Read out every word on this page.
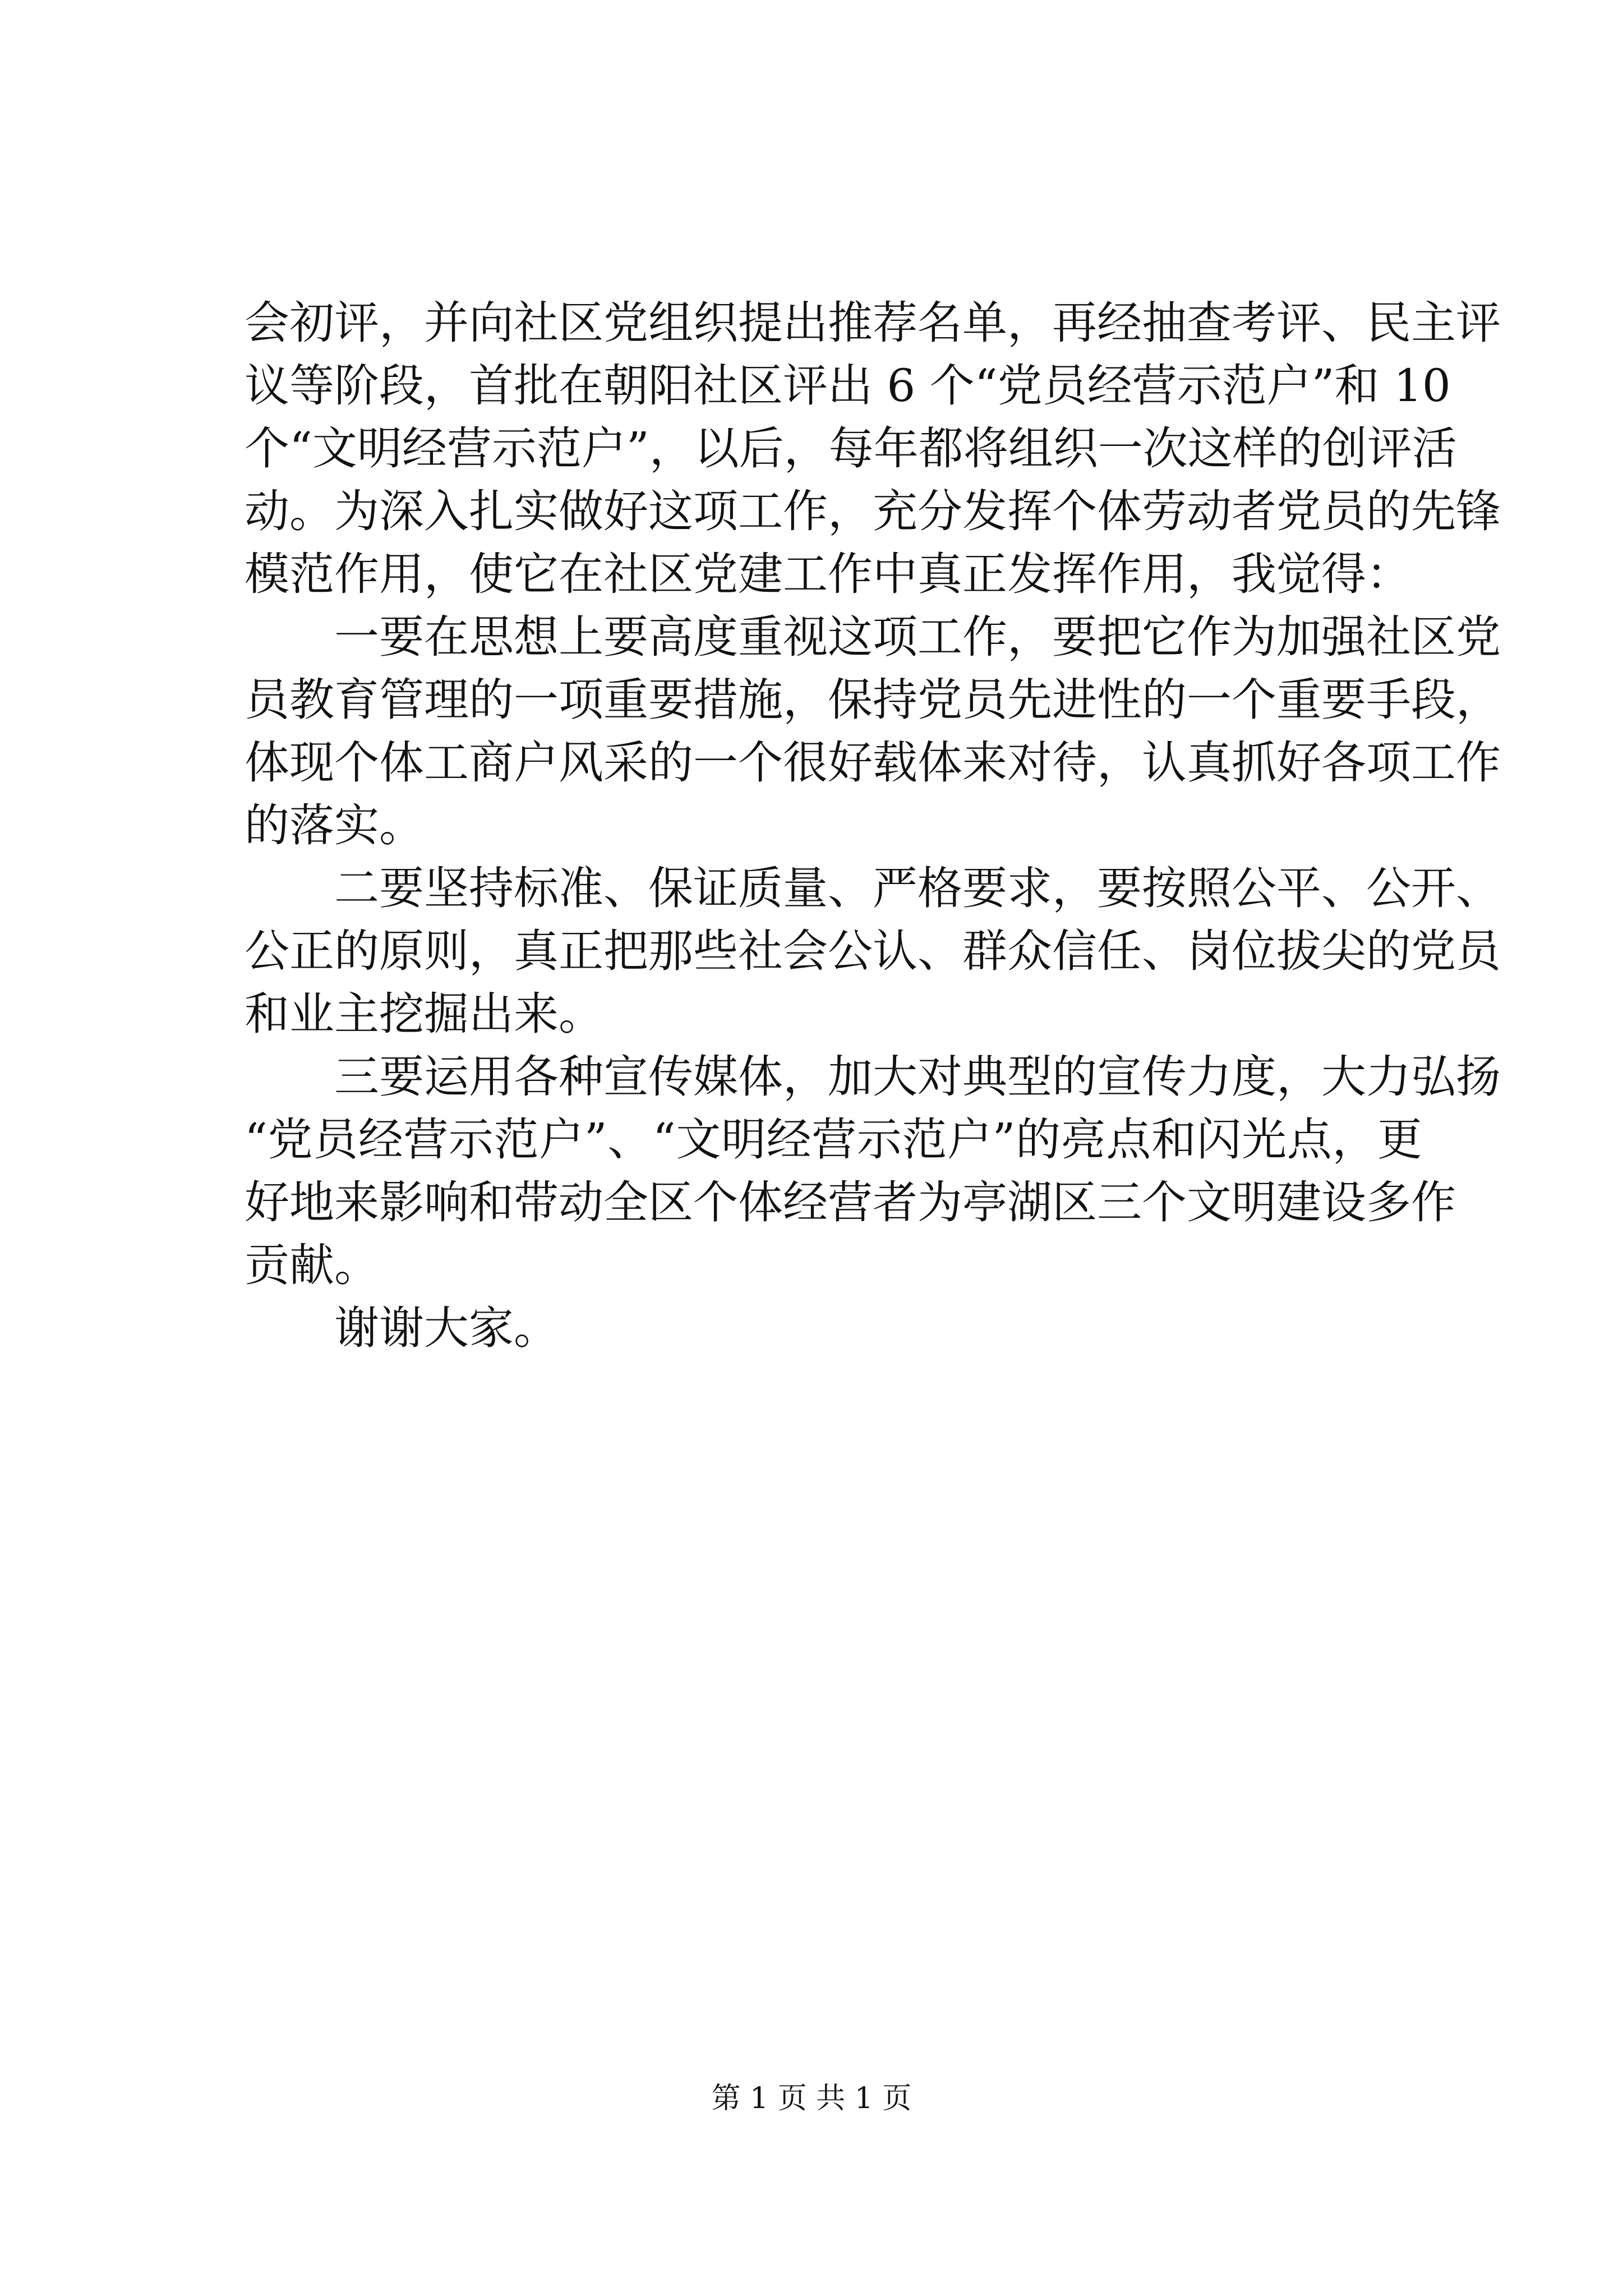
会初评，并向社区党组织提出推荐名单，再经抽查考评、民主评
议等阶段，首批在朝阳社区评出 6 个“党员经营示范户”和 10
个“文明经营示范户”，以后，每年都将组织一次这样的创评活
动。为深入扎实做好这项工作，充分发挥个体劳动者党员的先锋
模范作用，使它在社区党建工作中真正发挥作用，我觉得：
一要在思想上要高度重视这项工作，要把它作为加强社区党
员教育管理的一项重要措施，保持党员先进性的一个重要手段，
体现个体工商户风采的一个很好载体来对待，认真抓好各项工作
的落实。
二要坚持标准、保证质量、严格要求，要按照公平、公开、
公正的原则，真正把那些社会公认、群众信任、岗位拔尖的党员
和业主挖掘出来。
三要运用各种宣传媒体，加大对典型的宣传力度，大力弘扬
“党员经营示范户”、“文明经营示范户”的亮点和闪光点，更
好地来影响和带动全区个体经营者为亭湖区三个文明建设多作
贡献。
谢谢大家。
第 1 页 共 1 页
